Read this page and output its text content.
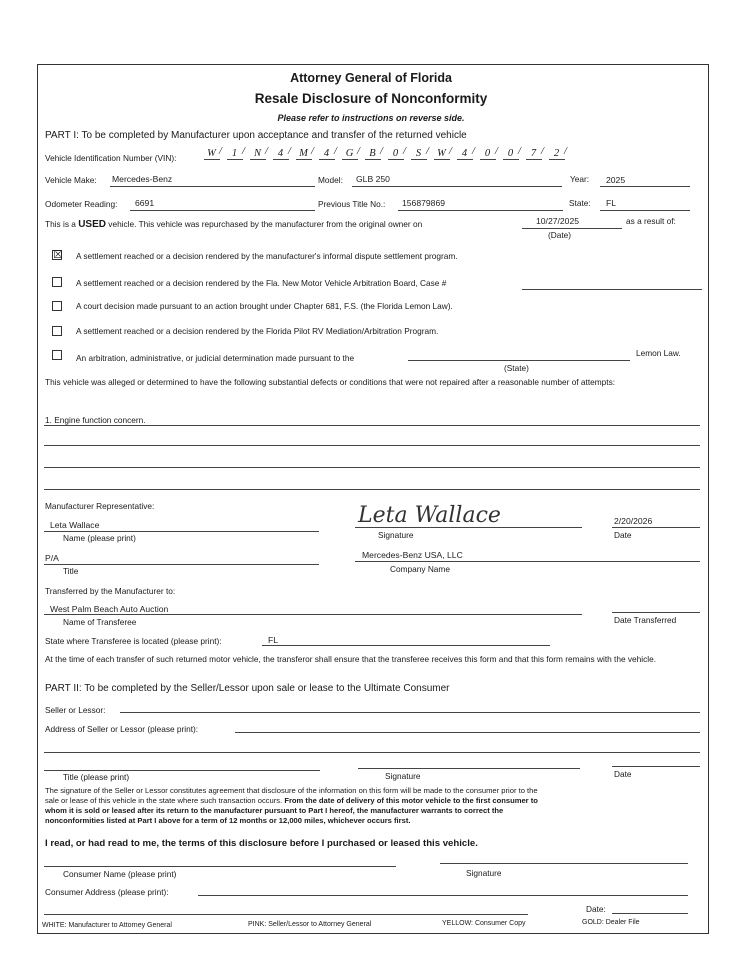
Attorney General of Florida
Resale Disclosure of Nonconformity
Please refer to instructions on reverse side.
PART I: To be completed by Manufacturer upon acceptance and transfer of the returned vehicle
Vehicle Identification Number (VIN):	W / 1 / N / 4 / M / 4 / G / B / 0 / S / W / 4 / 0 / 0 / 7 / 2 /
Vehicle Make: Mercedes-Benz	Model: GLB 250	Year: 2025
Odometer Reading: 6691	Previous Title No.: 156879869	State: FL
This is a USED vehicle. This vehicle was repurchased by the manufacturer from the original owner on	10/27/2025	as a result of:
(Date)
☒ A settlement reached or a decision rendered by the manufacturer's informal dispute settlement program.
A settlement reached or a decision rendered by the Fla. New Motor Vehicle Arbitration Board, Case #
A court decision made pursuant to an action brought under Chapter 681, F.S. (the Florida Lemon Law).
A settlement reached or a decision rendered by the Florida Pilot RV Mediation/Arbitration Program.
An arbitration, administrative, or judicial determination made pursuant to the	Lemon Law.
(State)
This vehicle was alleged or determined to have the following substantial defects or conditions that were not repaired after a reasonable number of attempts:
1. Engine function concern.
Manufacturer Representative:
Leta Wallace
Name (please print)
Leta Wallace
Signature
2/20/2026
Date
P/A
Title
Mercedes-Benz USA, LLC
Company Name
Transferred by the Manufacturer to:
West Palm Beach Auto Auction
Name of Transferee	Date Transferred
State where Transferee is located (please print):	FL
At the time of each transfer of such returned motor vehicle, the transferor shall ensure that the transferee receives this form and that this form remains with the vehicle.
PART II: To be completed by the Seller/Lessor upon sale or lease to the Ultimate Consumer
Seller or Lessor:
Address of Seller or Lessor (please print):
Title (please print)	Signature	Date
The signature of the Seller or Lessor constitutes agreement that disclosure of the information on this form will be made to the consumer prior to the
sale or lease of this vehicle in the state where such transaction occurs. From the date of delivery of this motor vehicle to the first consumer to
whom it is sold or leased after its return to the manufacturer pursuant to Part I hereof, the manufacturer warrants to correct the
nonconformities listed at Part I above for a term of 12 months or 12,000 miles, whichever occurs first.
I read, or had read to me, the terms of this disclosure before I purchased or leased this vehicle.
Consumer Name (please print)	Signature
Consumer Address (please print):
Date:
WHITE: Manufacturer to Attorney General	PINK: Seller/Lessor to Attorney General	YELLOW: Consumer Copy	GOLD: Dealer File
